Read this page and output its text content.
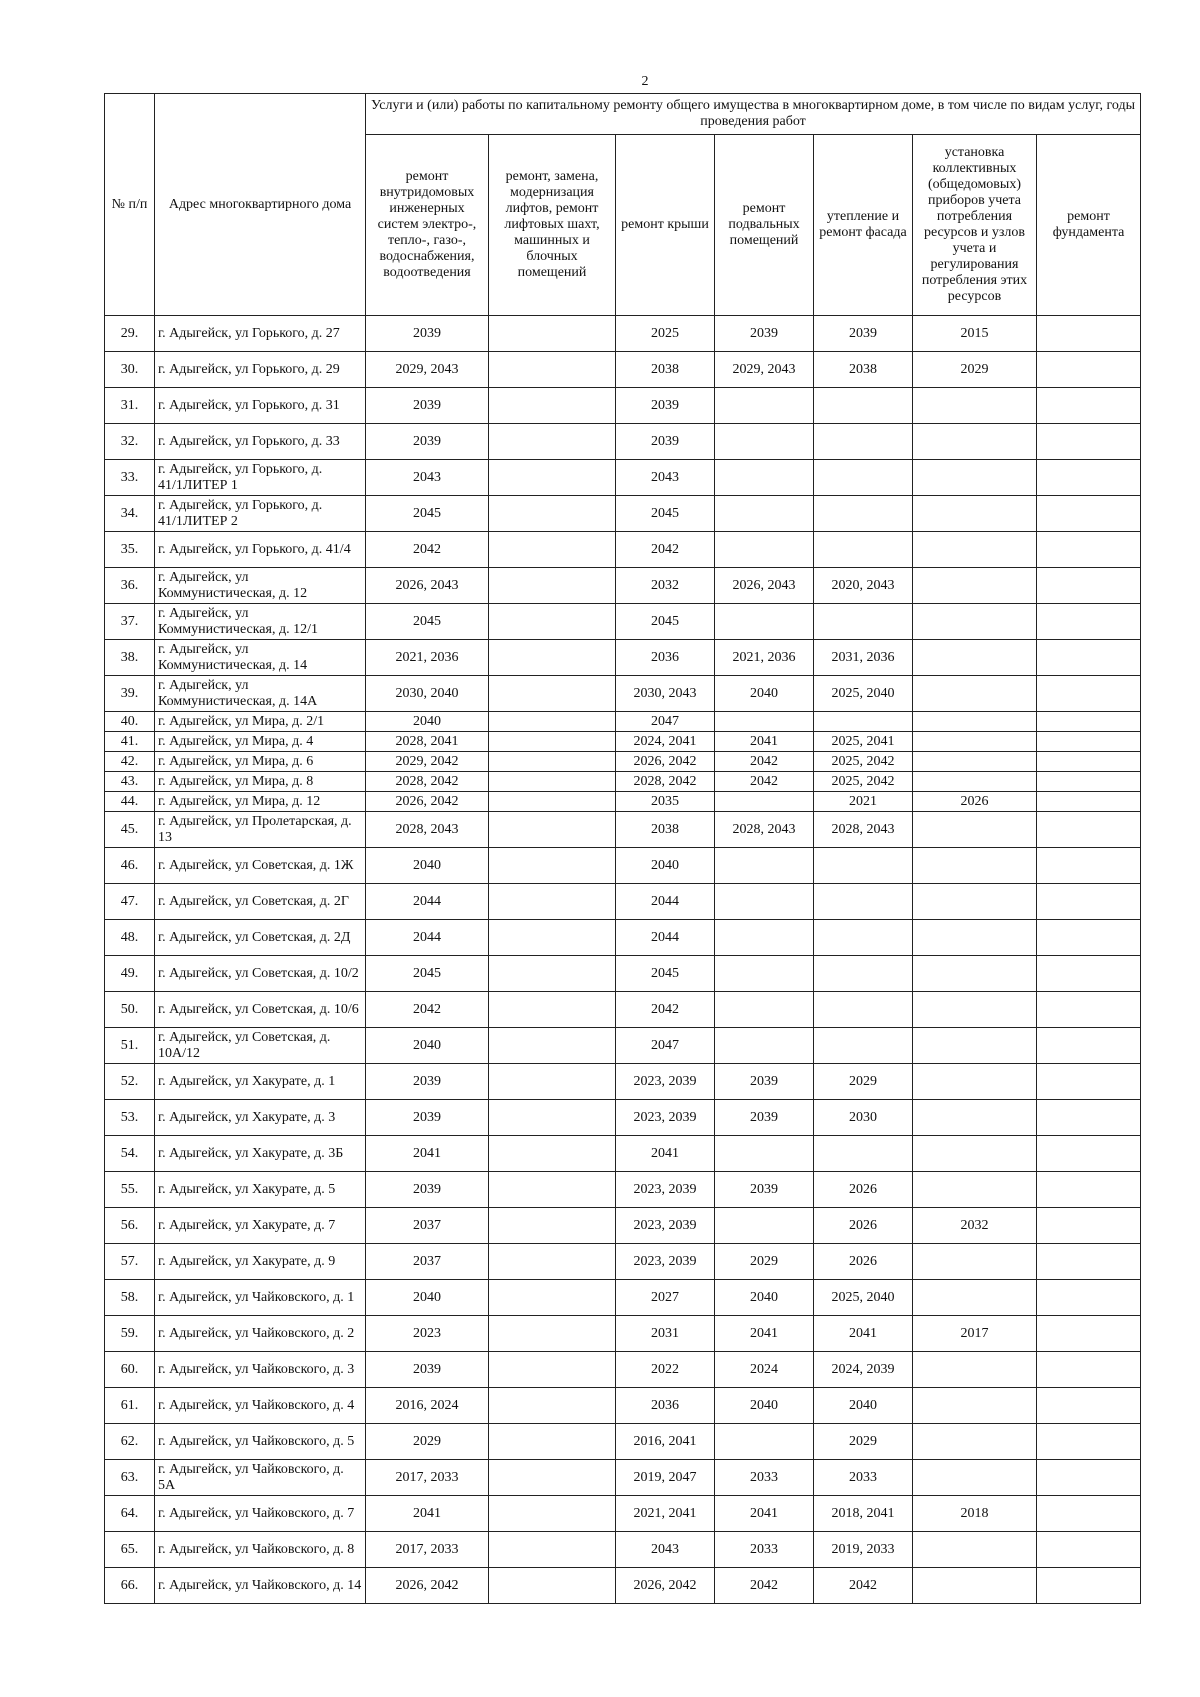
2
№ п/п	Адрес многоквартирного дома	Услуги и (или) работы по капитальному ремонту общего имущества в многоквартирном доме, в том числе по видам услуг, годы проведения работ						
		ремонт внутридомовых инженерных систем электро-, тепло-, газо-, водоснабжения, водоотведения	ремонт, замена, модернизация лифтов, ремонт лифтовых шахт, машинных и блочных помещений	ремонт крыши	ремонт подвальных помещений	утепление и ремонт фасада	установка коллективных (общедомовых) приборов учета потребления ресурсов и узлов учета и регулирования потребления этих ресурсов	ремонт фундамента
29.	г. Адыгейск, ул Горького, д. 27	2039		2025	2039	2039	2015	
30.	г. Адыгейск, ул Горького, д. 29	2029, 2043		2038	2029, 2043	2038	2029	
31.	г. Адыгейск, ул Горького, д. 31	2039		2039				
32.	г. Адыгейск, ул Горького, д. 33	2039		2039				
33.	г. Адыгейск, ул Горького, д. 41/1ЛИТЕР 1	2043		2043				
34.	г. Адыгейск, ул Горького, д. 41/1ЛИТЕР 2	2045		2045				
35.	г. Адыгейск, ул Горького, д. 41/4	2042		2042				
36.	г. Адыгейск, ул Коммунистическая, д. 12	2026, 2043		2032	2026, 2043	2020, 2043		
37.	г. Адыгейск, ул Коммунистическая, д. 12/1	2045		2045				
38.	г. Адыгейск, ул Коммунистическая, д. 14	2021, 2036		2036	2021, 2036	2031, 2036		
39.	г. Адыгейск, ул Коммунистическая, д. 14А	2030, 2040		2030, 2043	2040	2025, 2040		
40.	г. Адыгейск, ул Мира, д. 2/1	2040		2047				
41.	г. Адыгейск, ул Мира, д. 4	2028, 2041		2024, 2041	2041	2025, 2041		
42.	г. Адыгейск, ул Мира, д. 6	2029, 2042		2026, 2042	2042	2025, 2042		
43.	г. Адыгейск, ул Мира, д. 8	2028, 2042		2028, 2042	2042	2025, 2042		
44.	г. Адыгейск, ул Мира, д. 12	2026, 2042		2035		2021	2026	
45.	г. Адыгейск, ул Пролетарская, д. 13	2028, 2043		2038	2028, 2043	2028, 2043		
46.	г. Адыгейск, ул Советская, д. 1Ж	2040		2040				
47.	г. Адыгейск, ул Советская, д. 2Г	2044		2044				
48.	г. Адыгейск, ул Советская, д. 2Д	2044		2044				
49.	г. Адыгейск, ул Советская, д. 10/2	2045		2045				
50.	г. Адыгейск, ул Советская, д. 10/6	2042		2042				
51.	г. Адыгейск, ул Советская, д. 10А/12	2040		2047				
52.	г. Адыгейск, ул Хакурате, д. 1	2039		2023, 2039	2039	2029		
53.	г. Адыгейск, ул Хакурате, д. 3	2039		2023, 2039	2039	2030		
54.	г. Адыгейск, ул Хакурате, д. 3Б	2041		2041				
55.	г. Адыгейск, ул Хакурате, д. 5	2039		2023, 2039	2039	2026		
56.	г. Адыгейск, ул Хакурате, д. 7	2037		2023, 2039		2026	2032	
57.	г. Адыгейск, ул Хакурате, д. 9	2037		2023, 2039	2029	2026		
58.	г. Адыгейск, ул Чайковского, д. 1	2040		2027	2040	2025, 2040		
59.	г. Адыгейск, ул Чайковского, д. 2	2023		2031	2041	2041	2017	
60.	г. Адыгейск, ул Чайковского, д. 3	2039		2022	2024	2024, 2039		
61.	г. Адыгейск, ул Чайковского, д. 4	2016, 2024		2036	2040	2040		
62.	г. Адыгейск, ул Чайковского, д. 5	2029		2016, 2041		2029		
63.	г. Адыгейск, ул Чайковского, д. 5А	2017, 2033		2019, 2047	2033	2033		
64.	г. Адыгейск, ул Чайковского, д. 7	2041		2021, 2041	2041	2018, 2041	2018	
65.	г. Адыгейск, ул Чайковского, д. 8	2017, 2033		2043	2033	2019, 2033		
66.	г. Адыгейск, ул Чайковского, д. 14	2026, 2042		2026, 2042	2042	2042		
